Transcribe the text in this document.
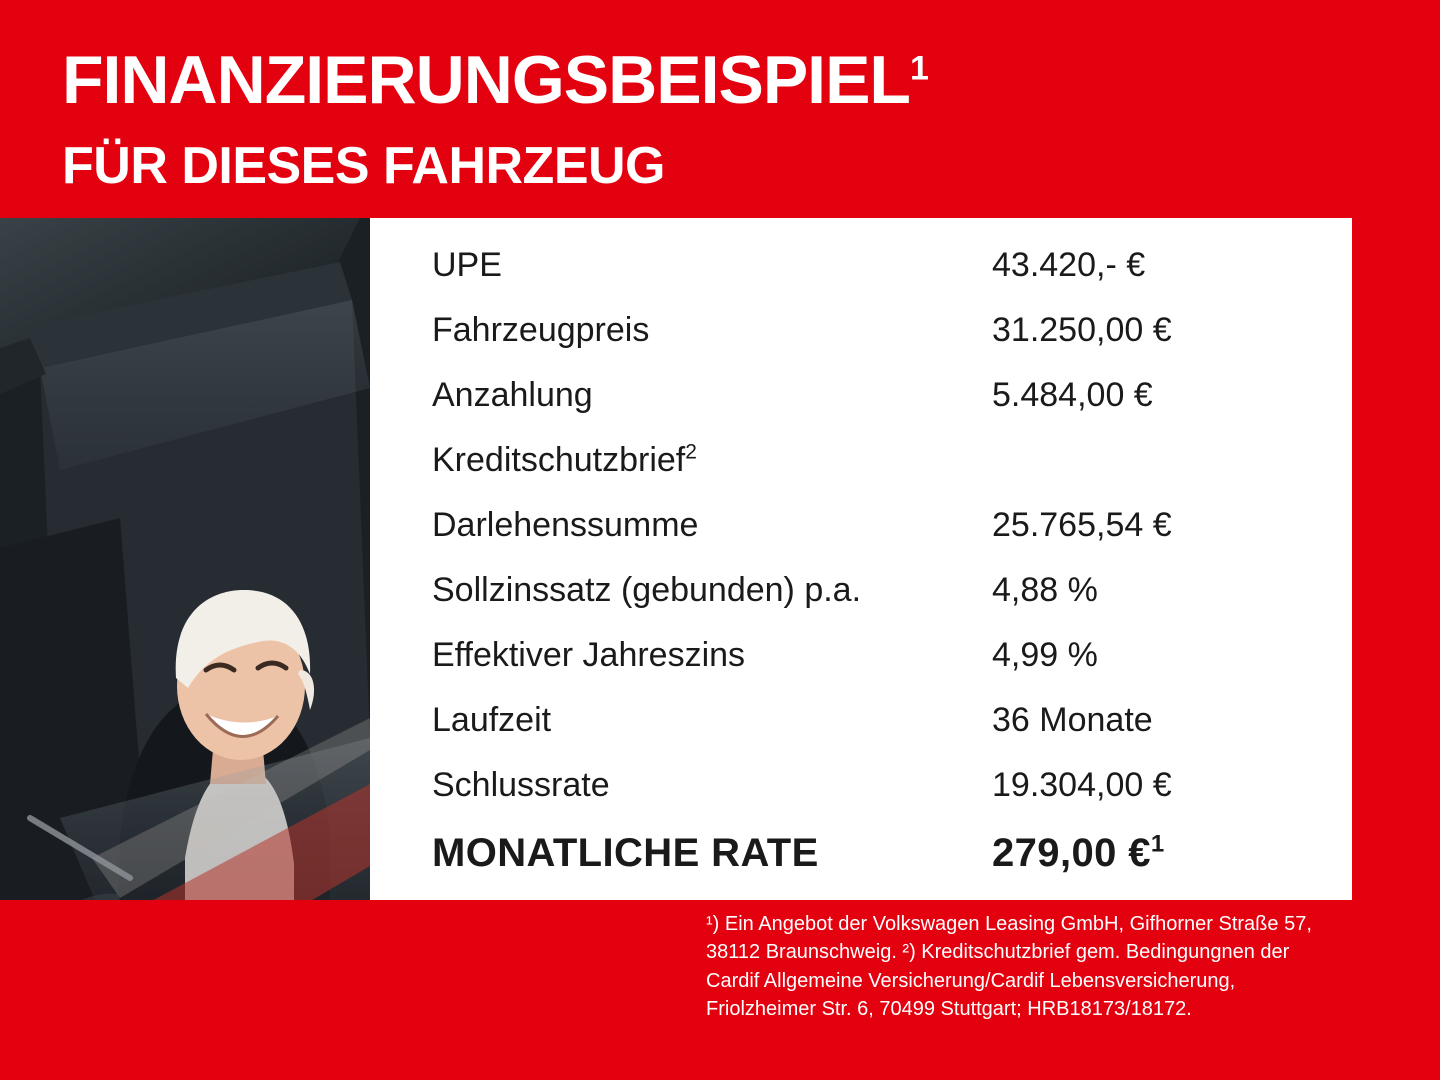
FINANZIERUNGSBEISPIEL$^1$
FÜR DIESES FAHRZEUG
UPE	43.420,- €
Fahrzeugpreis	31.250,00 €
Anzahlung	5.484,00 €
Kreditschutzbrief$^2$
Darlehenssumme	25.765,54 €
Sollzinssatz (gebunden) p.a.	4,88 %
Effektiver Jahreszins	4,99 %
Laufzeit	36 Monate
Schlussrate	19.304,00 €
MONATLICHE RATE	279,00 €$^1$
¹) Ein Angebot der Volkswagen Leasing GmbH, Gifhorner Straße 57, 38112 Braunschweig. ²) Kreditschutzbrief gem. Bedingungnen der Cardif Allgemeine Versicherung/Cardif Lebensversicherung, Friolzheimer Str. 6, 70499 Stuttgart; HRB18173/18172.
